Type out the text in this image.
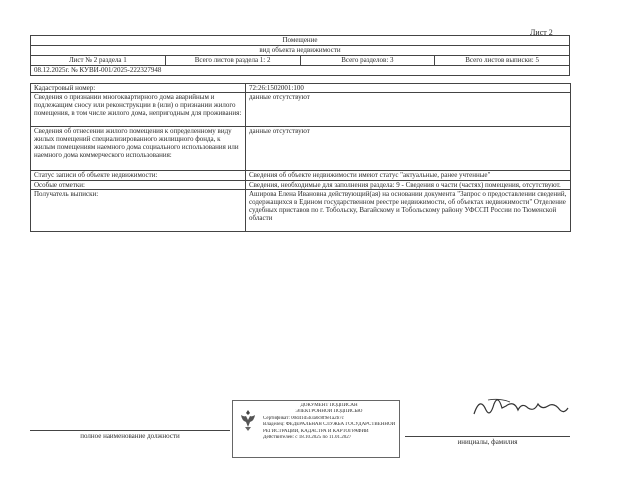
Лист 2
Помещение
вид объекта недвижимости
Лист № 2 раздела 1	Всего листов раздела 1: 2	Всего разделов: 3	Всего листов выписки: 5
08.12.2025г. № КУВИ-001/2025-222327948
Кадастровый номер:	72:26:1502001:100
Сведения о признании многоквартирного дома аварийным и подлежащим сносу или реконструкции в (или) о признании жилого помещения, в том числе жилого дома, непригодным для проживания:	данные отсутствуют
Сведения об отнесении жилого помещения к определенному виду жилых помещений специализированного жилищного фонда, к жилым помещениям наемного дома социального использования или наемного дома коммерческого использования:	данные отсутствуют
Статус записи об объекте недвижимости:	Сведения об объекте недвижимости имеют статус "актуальные, ранее учтенные"
Особые отметки:	Сведения, необходимые для заполнения раздела: 9 - Сведения о части (частях) помещения, отсутствуют.
Получатель выписки:	Аширова Елена Ивановна действующий(ая) на основании документа "Запрос о предоставлении сведений, содержащихся в Едином государственном реестре недвижимости, об объектах недвижимости" Отделение судебных приставов по г. Тобольску, Вагайскому и Тобольскому району УФССП России по Тюменской области
полное наименование должности
инициалы, фамилия
ДОКУМЕНТ ПОДПИСАН
ЭЛЕКТРОННОЙ ПОДПИСЬЮ
Сертификат: 00d41d5b3a0c8f9e1a2b7c
Владелец: ФЕДЕРАЛЬНАЯ СЛУЖБА ГОСУДАРСТВЕННОЙ
РЕГИСТРАЦИИ, КАДАСТРА И КАРТОГРАФИИ
Действителен: с 18.10.2025 по 11.01.2027
